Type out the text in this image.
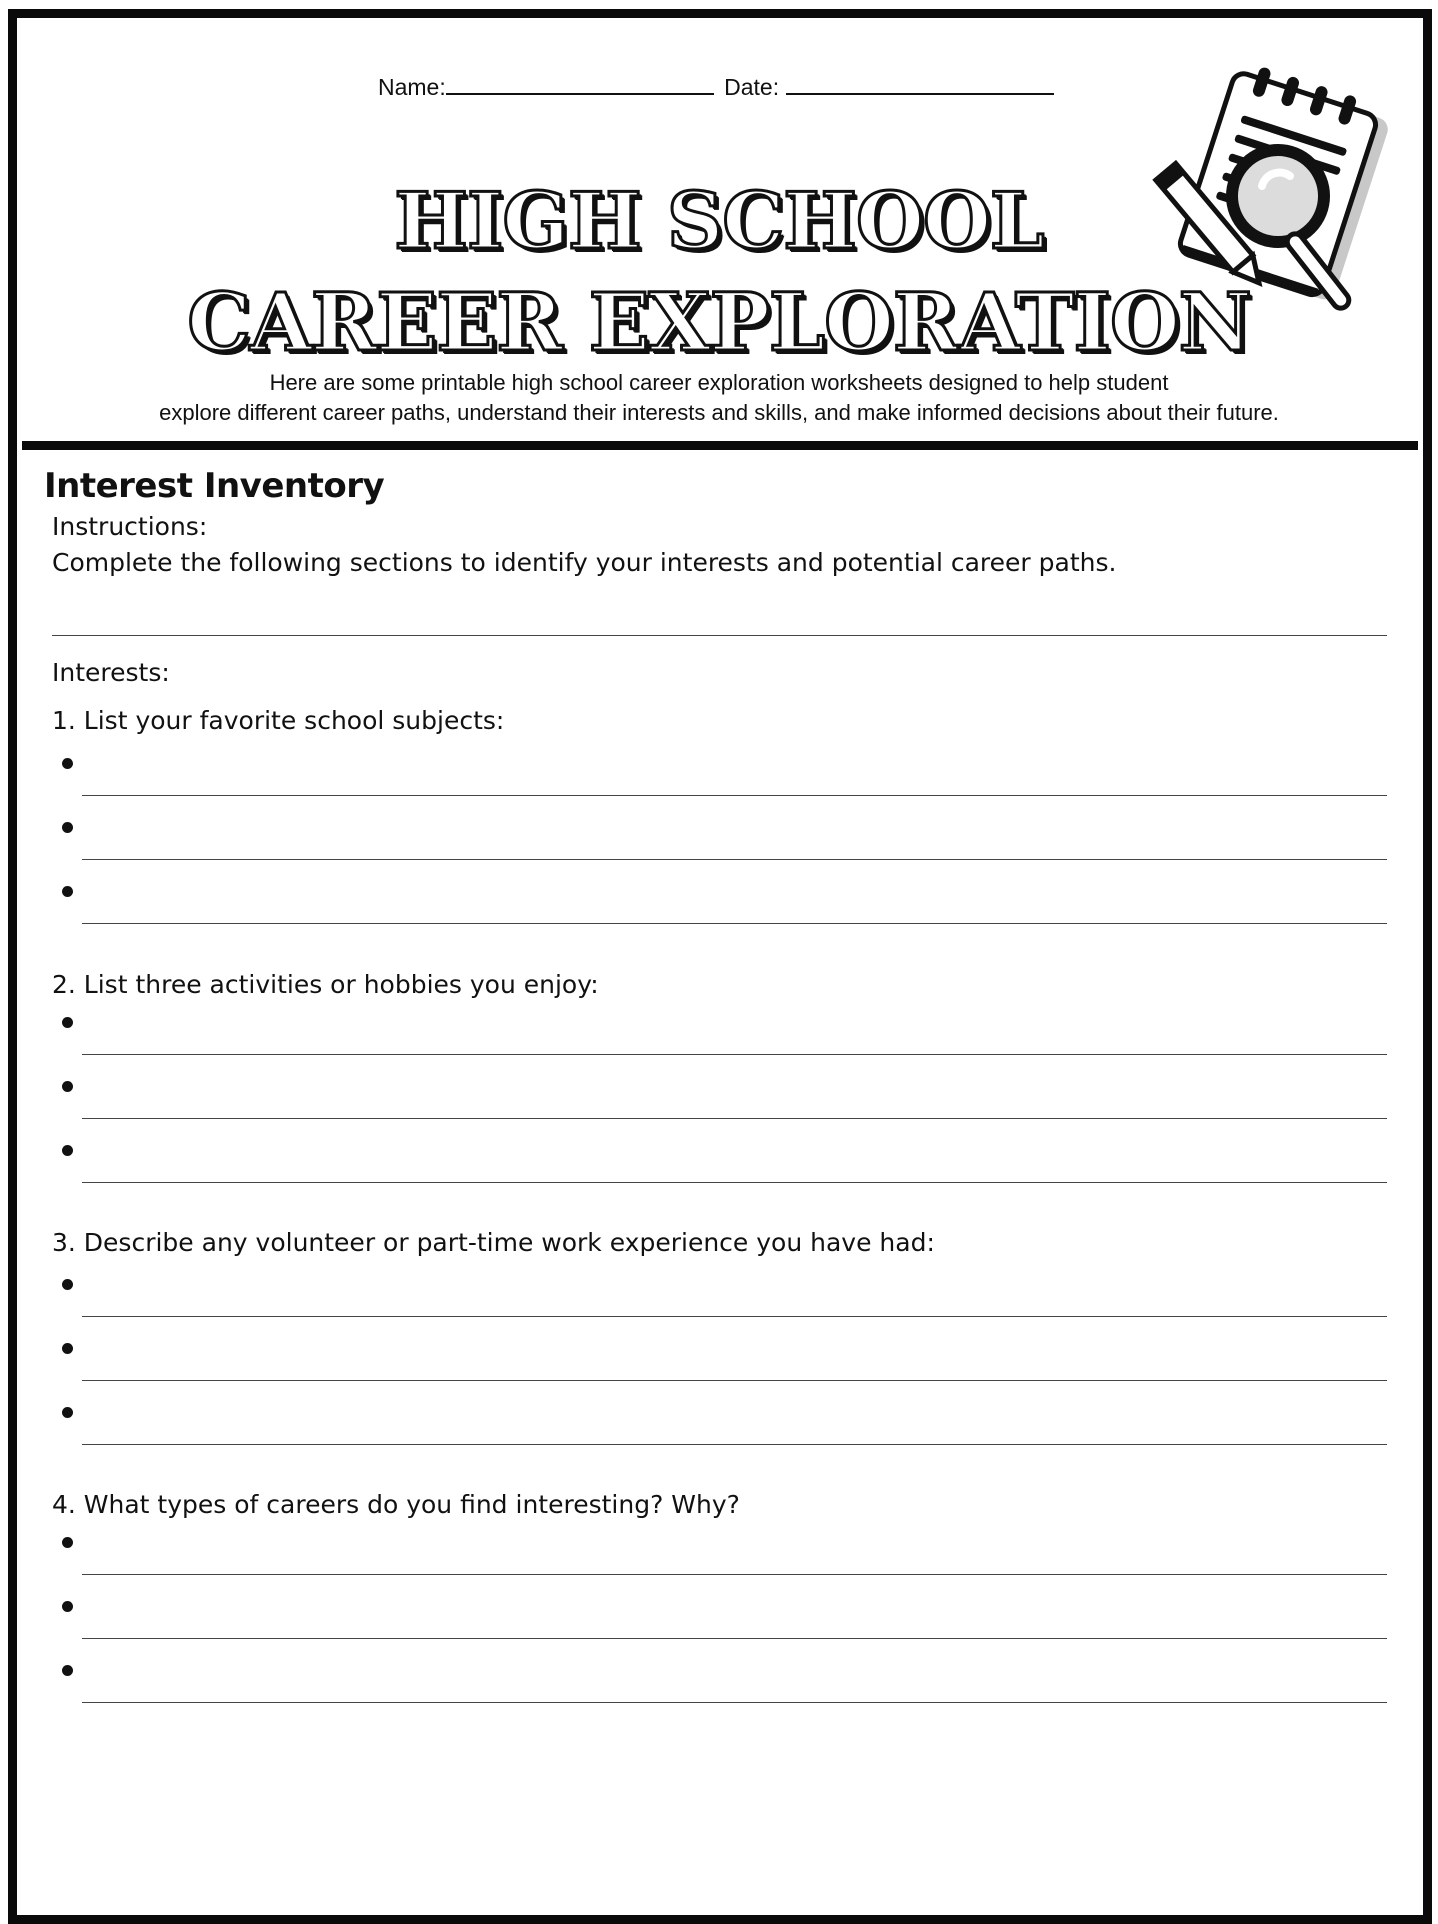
Name:	Date:
HIGH SCHOOL
CAREER EXPLORATION
Here are some printable high school career exploration worksheets designed to help student
explore different career paths, understand their interests and skills, and make informed decisions about their future.
Interest Inventory
Instructions:
Complete the following sections to identify your interests and potential career paths.
Interests:
1. List your favorite school subjects:
2. List three activities or hobbies you enjoy:
3. Describe any volunteer or part-time work experience you have had:
4. What types of careers do you find interesting? Why?
